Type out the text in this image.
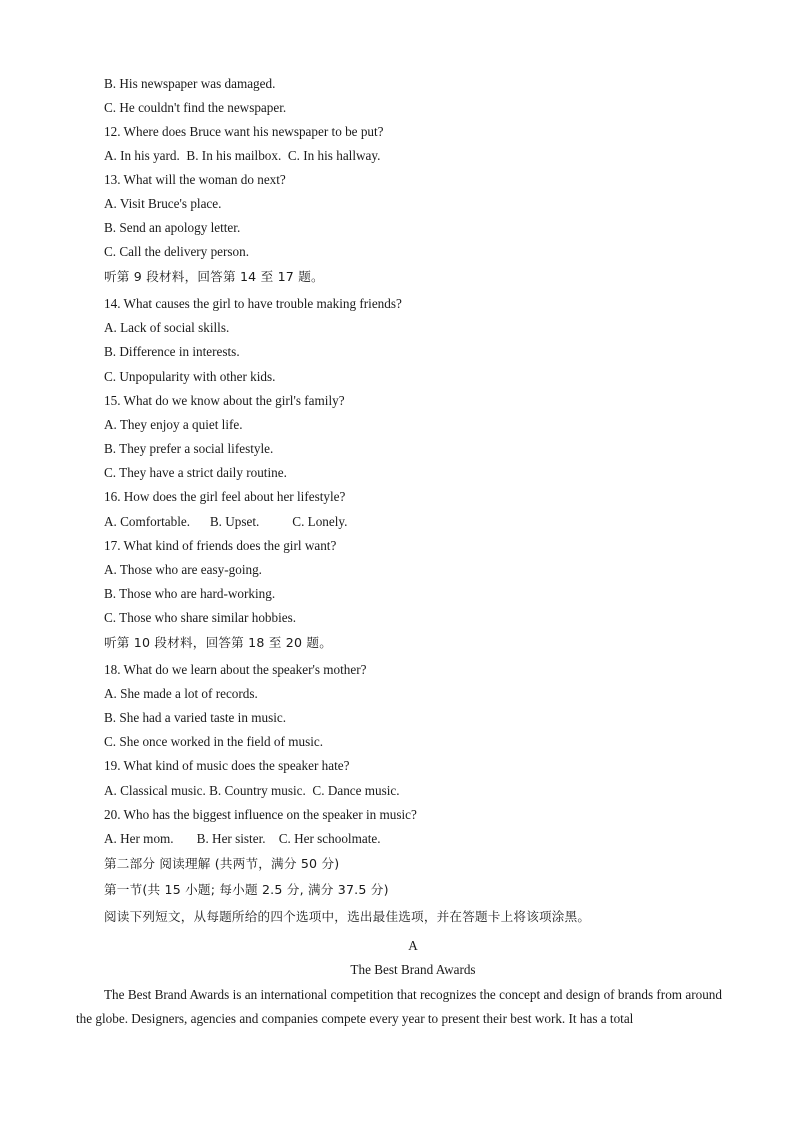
B. His newspaper was damaged.
C. He couldn't find the newspaper.
12. Where does Bruce want his newspaper to be put?
A. In his yard.  B. In his mailbox.  C. In his hallway.
13. What will the woman do next?
A. Visit Bruce's place.
B. Send an apology letter.
C. Call the delivery person.
听第 9 段材料，回答第 14 至 17 题。
14. What causes the girl to have trouble making friends?
A. Lack of social skills.
B. Difference in interests.
C. Unpopularity with other kids.
15. What do we know about the girl's family?
A. They enjoy a quiet life.
B. They prefer a social lifestyle.
C. They have a strict daily routine.
16. How does the girl feel about her lifestyle?
A. Comfortable.      B. Upset.          C. Lonely.
17. What kind of friends does the girl want?
A. Those who are easy-going.
B. Those who are hard-working.
C. Those who share similar hobbies.
听第 10 段材料，回答第 18 至 20 题。
18. What do we learn about the speaker's mother?
A. She made a lot of records.
B. She had a varied taste in music.
C. She once worked in the field of music.
19. What kind of music does the speaker hate?
A. Classical music. B. Country music.  C. Dance music.
20. Who has the biggest influence on the speaker in music?
A. Her mom.       B. Her sister.    C. Her schoolmate.
第二部分 阅读理解 (共两节，满分 50 分)
第一节(共 15 小题; 每小题 2.5 分, 满分 37.5 分)
阅读下列短文，从每题所给的四个选项中，选出最佳选项，并在答题卡上将该项涂黑。
A
The Best Brand Awards
The Best Brand Awards is an international competition that recognizes the concept and design of brands from around the globe. Designers, agencies and companies compete every year to present their best work. It has a total
